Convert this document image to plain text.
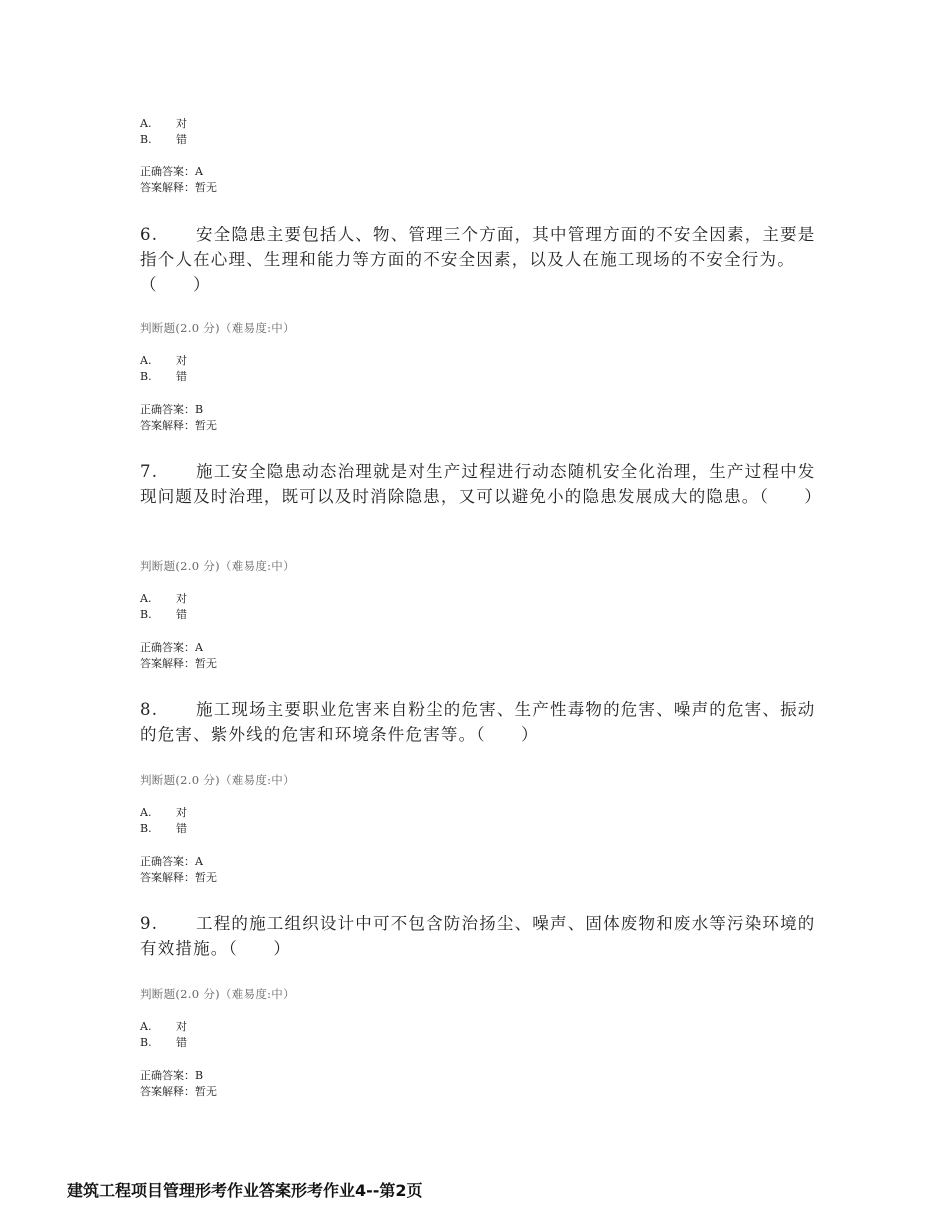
A.	对
B.	错
正确答案：A
答案解释：暂无
6. 安全隐患主要包括人、物、管理三个方面，其中管理方面的不安全因素，主要是指个人在心理、生理和能力等方面的不安全因素，以及人在施工现场的不安全行为。（　　）
判断题(2.0 分)（难易度:中）
A.	对
B.	错
正确答案：B
答案解释：暂无
7. 施工安全隐患动态治理就是对生产过程进行动态随机安全化治理，生产过程中发现问题及时治理，既可以及时消除隐患，又可以避免小的隐患发展成大的隐患。（　　）
判断题(2.0 分)（难易度:中）
A.	对
B.	错
正确答案：A
答案解释：暂无
8. 施工现场主要职业危害来自粉尘的危害、生产性毒物的危害、噪声的危害、振动的危害、紫外线的危害和环境条件危害等。（　　）
判断题(2.0 分)（难易度:中）
A.	对
B.	错
正确答案：A
答案解释：暂无
9. 工程的施工组织设计中可不包含防治扬尘、噪声、固体废物和废水等污染环境的有效措施。（　　）
判断题(2.0 分)（难易度:中）
A.	对
B.	错
正确答案：B
答案解释：暂无
建筑工程项目管理形考作业答案形考作业4--第2页
